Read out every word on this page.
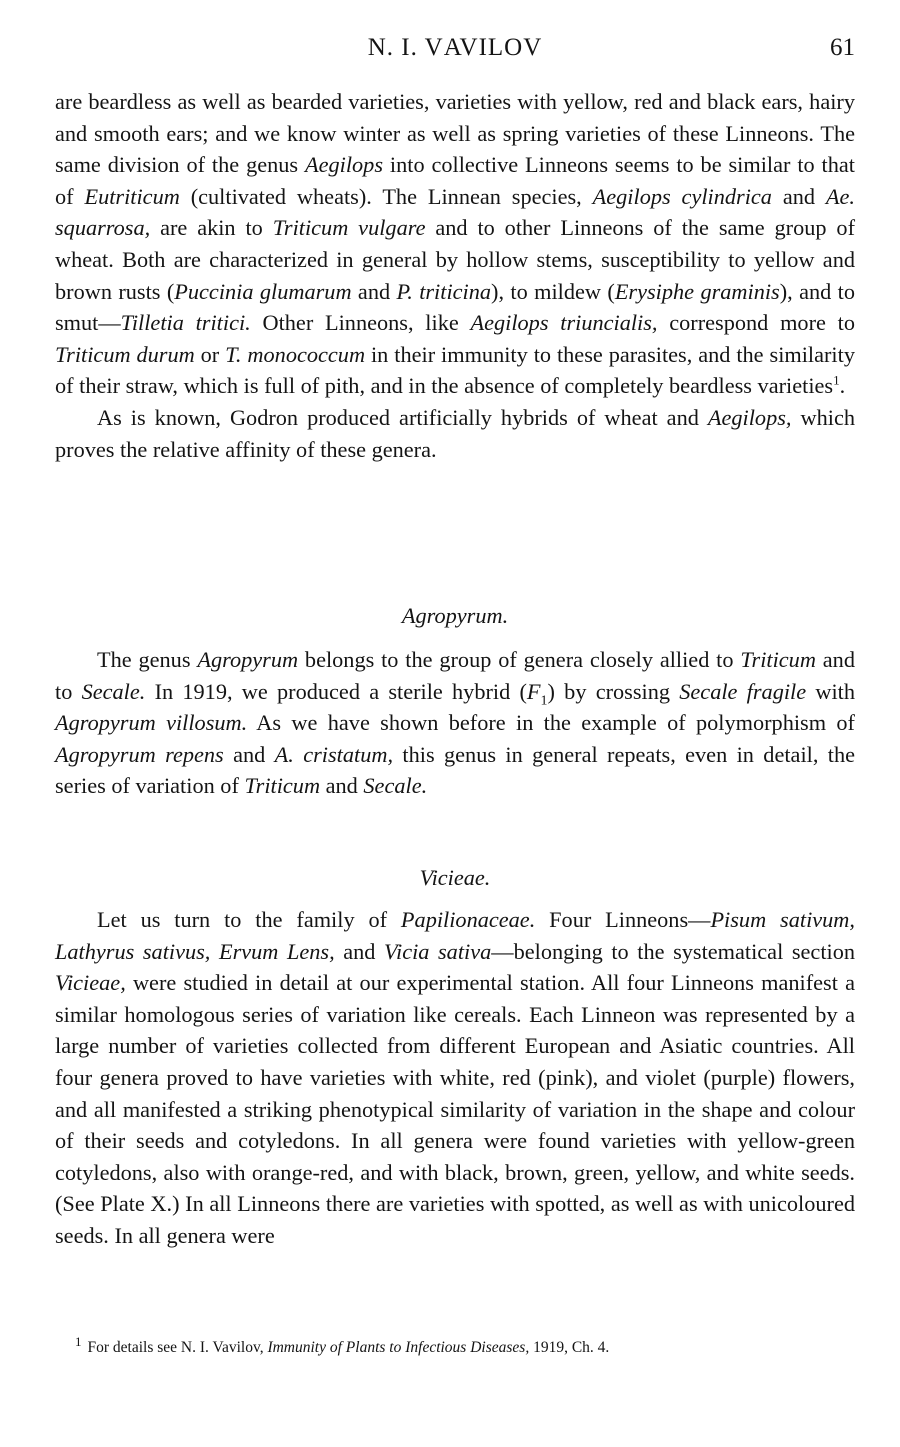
N. I. VAVILOV	61

are beardless as well as bearded varieties, varieties with yellow, red and black ears, hairy and smooth ears; and we know winter as well as spring varieties of these Linneons. The same division of the genus Aegilops into collective Linneons seems to be similar to that of Eutriticum (cultivated wheats). The Linnean species, Aegilops cylindrica and Ae. squarrosa, are akin to Triticum vulgare and to other Linneons of the same group of wheat. Both are characterized in general by hollow stems, susceptibility to yellow and brown rusts (Puccinia glumarum and P. triticina), to mildew (Erysiphe graminis), and to smut—Tilletia tritici. Other Linneons, like Aegilops triuncialis, correspond more to Triticum durum or T. monococcum in their immunity to these parasites, and the similarity of their straw, which is full of pith, and in the absence of completely beardless varieties$^1$.

As is known, Godron produced artificially hybrids of wheat and Aegilops, which proves the relative affinity of these genera.

Agropyrum.

The genus Agropyrum belongs to the group of genera closely allied to Triticum and to Secale. In 1919, we produced a sterile hybrid $(F_1)$ by crossing Secale fragile with Agropyrum villosum. As we have shown before in the example of polymorphism of Agropyrum repens and A. cristatum, this genus in general repeats, even in detail, the series of variation of Triticum and Secale.

Vicieae.

Let us turn to the family of Papilionaceae. Four Linneons—Pisum sativum, Lathyrus sativus, Ervum Lens, and Vicia sativa—belonging to the systematical section Vicieae, were studied in detail at our experimental station. All four Linneons manifest a similar homologous series of variation like cereals. Each Linneon was represented by a large number of varieties collected from different European and Asiatic countries. All four genera proved to have varieties with white, red (pink), and violet (purple) flowers, and all manifested a striking phenotypical similarity of variation in the shape and colour of their seeds and cotyledons. In all genera were found varieties with yellow-green cotyledons, also with orange-red, and with black, brown, green, yellow, and white seeds. (See Plate X.) In all Linneons there are varieties with spotted, as well as with unicoloured seeds. In all genera were

$^1$ For details see N. I. Vavilov, Immunity of Plants to Infectious Diseases, 1919, Ch. 4.
